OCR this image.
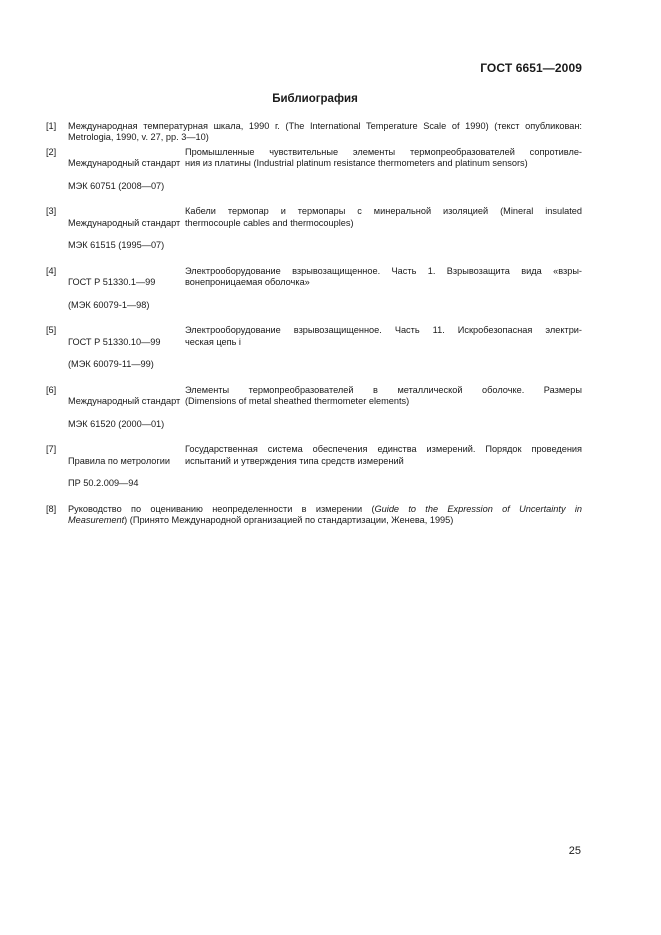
ГОСТ 6651—2009
Библиография
[1]	Международная температурная шкала, 1990 г. (The International Temperature Scale of 1990) (текст опубликован:
Metrologia, 1990, v. 27, pp. 3—10)
[2]

Международный стандарт

МЭК 60751 (2008—07)

Промышленные чувствительные элементы термопреобразователей сопротивле-
ния из платины (Industrial platinum resistance thermometers and platinum sensors)
[3]

Международный стандарт

МЭК 61515 (1995—07)

Кабели термопар и термопары с минеральной изоляцией (Mineral insulated
thermocouple cables and thermocouples)
[4]

ГОСТ Р 51330.1—99

(МЭК 60079-1—98)

Электрооборудование взрывозащищенное. Часть 1. Взрывозащита вида «взры-
вонепроницаемая оболочка»
[5]

ГОСТ Р 51330.10—99

(МЭК 60079-11—99)

Электрооборудование взрывозащищенное. Часть 11. Искробезопасная электри-
ческая цепь i
[6]

Международный стандарт

МЭК 61520 (2000—01)

Элементы термопреобразователей в металлической оболочке. Размеры
(Dimensions of metal sheathed thermometer elements)
[7]

Правила по метрологии

ПР 50.2.009—94

Государственная система обеспечения единства измерений. Порядок проведения
испытаний и утверждения типа средств измерений
[8]	Руководство по оцениванию неопределенности в измерении (Guide to the Expression of Uncertainty in
Measurement) (Принято Международной организацией по стандартизации, Женева, 1995)
25
